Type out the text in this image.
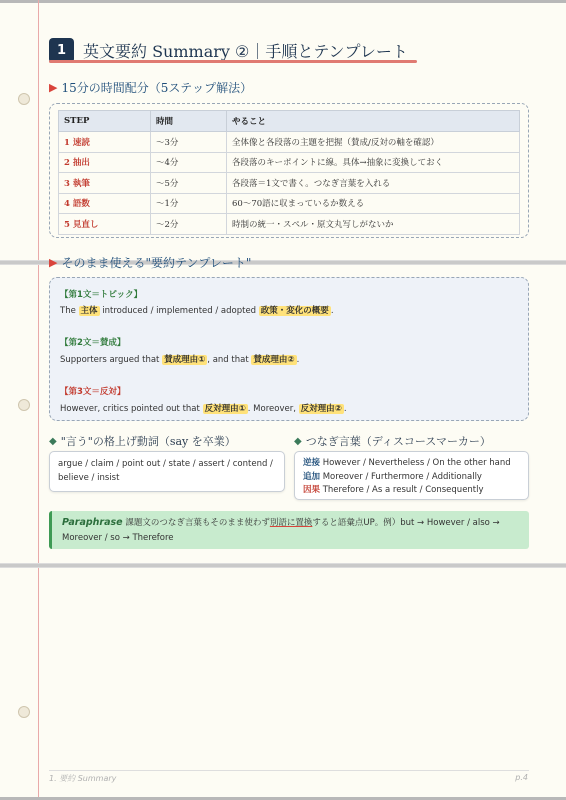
1	英文要約 Summary ②｜手順とテンプレート
▶ 15分の時間配分（5ステップ解法）
STEP	時間	やること
1 速読	〜3分	全体像と各段落の主題を把握（賛成/反対の軸を確認）
2 抽出	〜4分	各段落のキーポイントに線。具体→抽象に変換しておく
3 執筆	〜5分	各段落＝1文で書く。つなぎ言葉を入れる
4 語数	〜1分	60〜70語に収まっているか数える
5 見直し	〜2分	時制の統一・スペル・原文丸写しがないか
▶ そのまま使える"要約テンプレート"
【第1文＝トピック】
The 主体 introduced / implemented / adopted 政策・変化の概要 .
【第2文＝賛成】
Supporters argued that 賛成理由① , and that 賛成理由② .
【第3文＝反対】
However, critics pointed out that 反対理由① . Moreover, 反対理由② .
◆ "言う"の格上げ動詞（say を卒業）
argue / claim / point out / state / assert / contend /
believe / insist
◆ つなぎ言葉（ディスコースマーカー）
逆接 However / Nevertheless / On the other hand
追加 Moreover / Furthermore / Additionally
因果 Therefore / As a result / Consequently
Paraphrase 課題文のつなぎ言葉もそのまま使わず別語に置換すると語彙点UP。例）but → However / also →
Moreover / so → Therefore
1. 要約 Summary	p.4
